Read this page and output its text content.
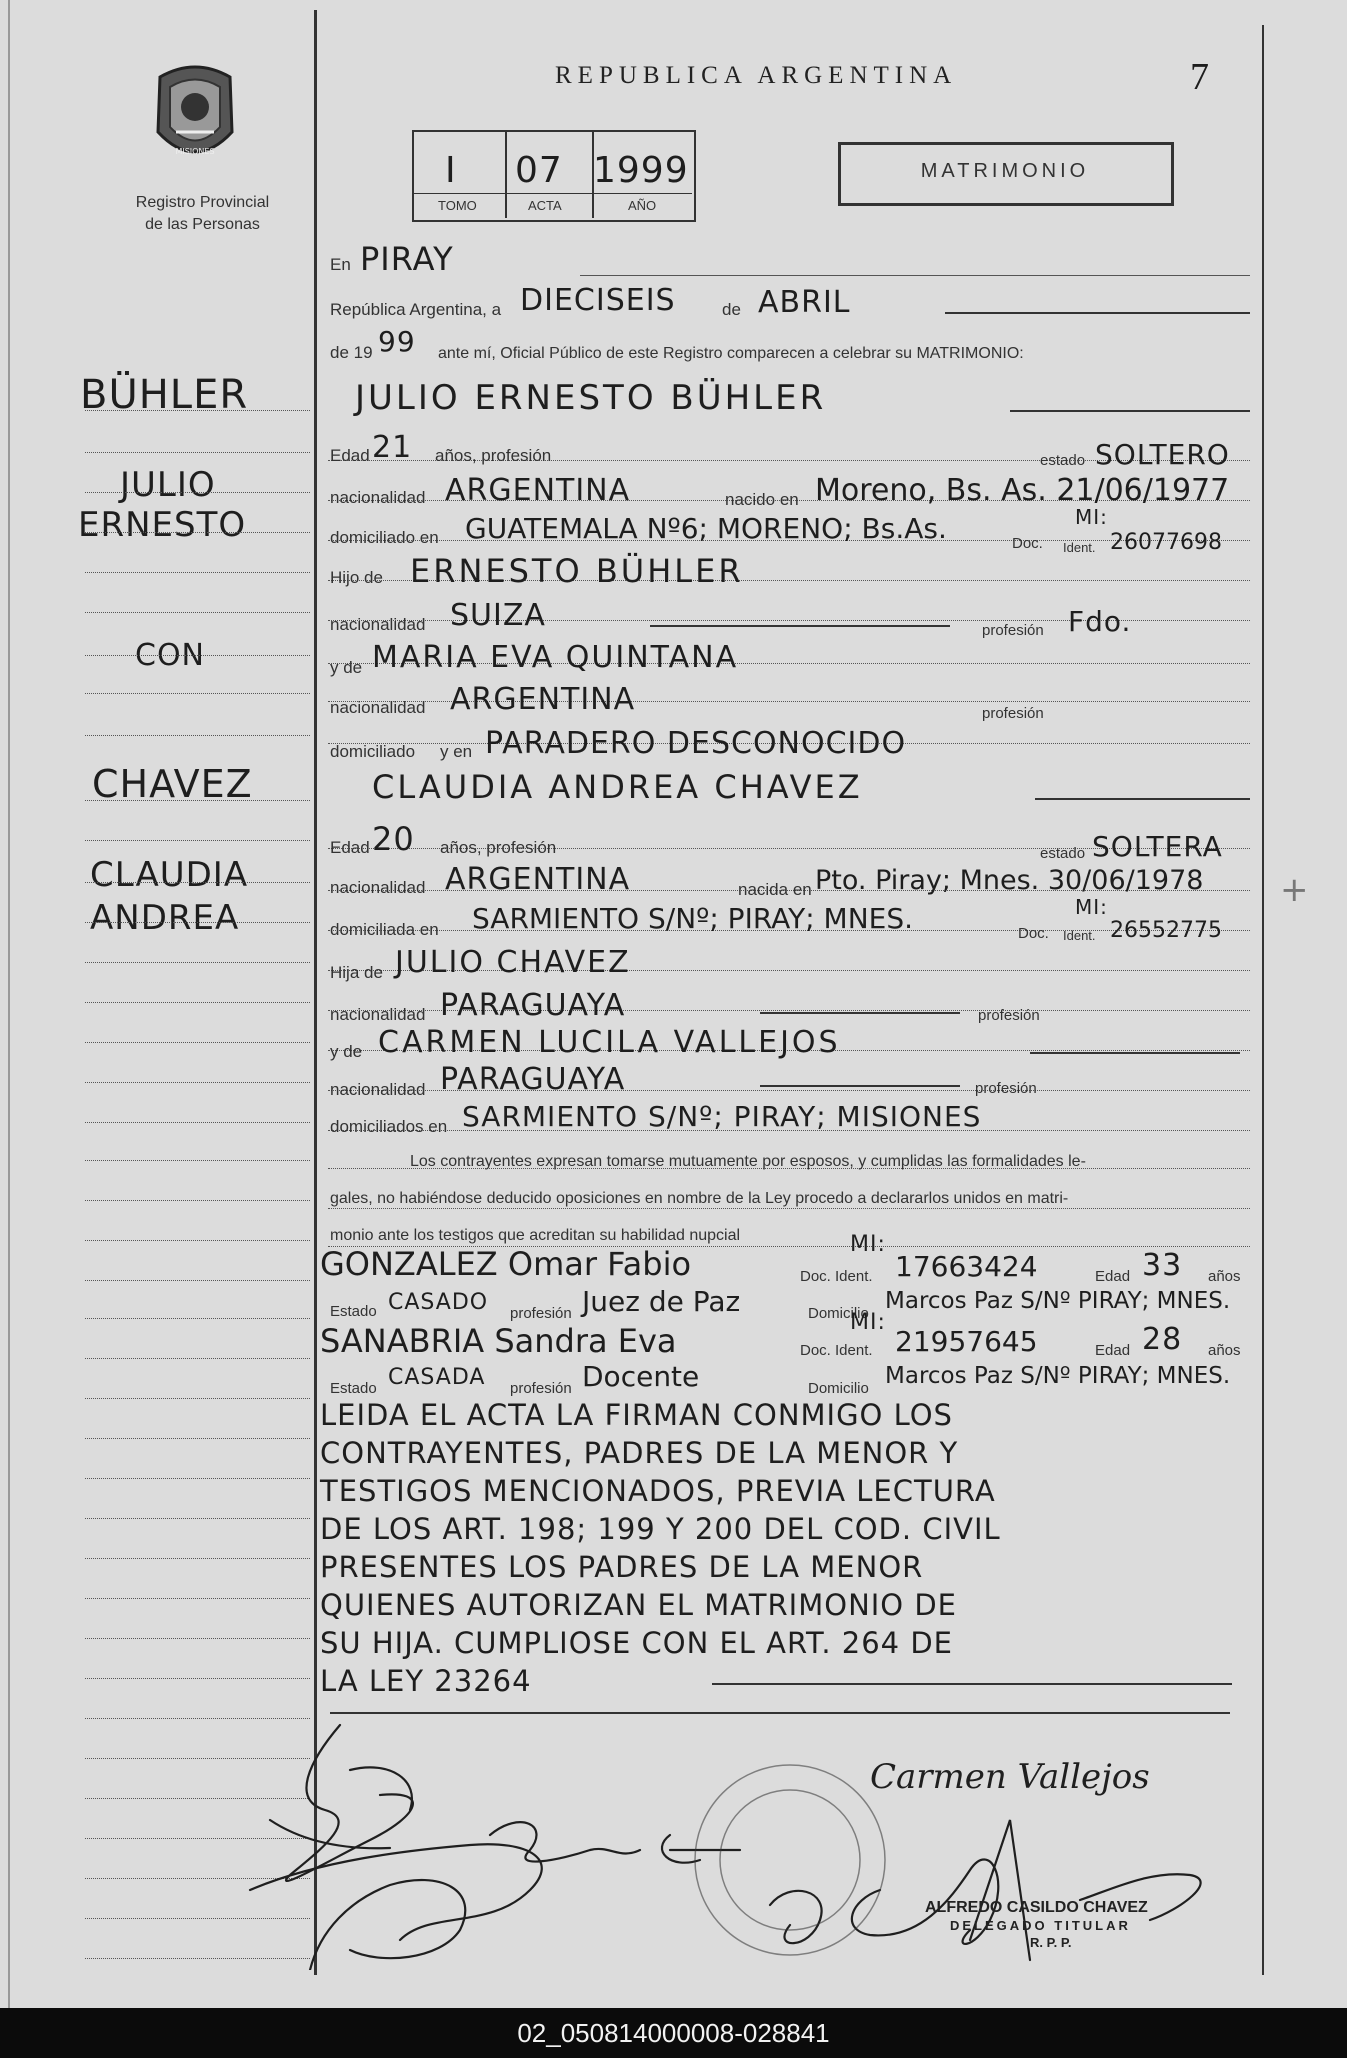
REPUBLICA ARGENTINA	7
MISIONES
Registro Provincial
de las Personas
I 07 1999
TOMO	ACTA	AÑO
MATRIMONIO
BÜHLER
JULIO
ERNESTO
CON
CHAVEZ
CLAUDIA
ANDREA
+
En PIRAY
República Argentina, a DIECISEIS	de ABRIL
de 19 99 ante mí, Oficial Público de este Registro comparecen a celebrar su MATRIMONIO:
JULIO ERNESTO BÜHLER
Edad 21 años, profesión	estado SOLTERO
nacionalidad ARGENTINA	nacido en Moreno, Bs. As. 21/06/1977
domiciliado en GUATEMALA Nº6; MORENO; Bs.As.	Doc. Ident.
MI:
26077698
Hijo de ERNESTO BÜHLER
nacionalidad SUIZA	profesión Fdo.
y de MARIA EVA QUINTANA
nacionalidad ARGENTINA	profesión
domiciliado y en PARADERO DESCONOCIDO
CLAUDIA ANDREA CHAVEZ
Edad 20 años, profesión	estado SOLTERA
nacionalidad ARGENTINA	nacida en Pto. Piray; Mnes. 30/06/1978
domiciliada en SARMIENTO S/Nº; PIRAY; MNES.	Doc. Ident.
MI:
26552775
Hija de JULIO CHAVEZ
nacionalidad PARAGUAYA	profesión
y de CARMEN LUCILA VALLEJOS
nacionalidad PARAGUAYA	profesión
domiciliados en SARMIENTO S/Nº; PIRAY; MISIONES
Los contrayentes expresan tomarse mutuamente por esposos, y cumplidas las formalidades le-
gales, no habiéndose deducido oposiciones en nombre de la Ley procedo a declararlos unidos en matri-
monio ante los testigos que acreditan su habilidad nupcial
GONZALEZ Omar Fabio	Doc. Ident.
MI:
17663424	Edad 33 años
Estado CASADO profesión Juez de Paz	Domicilio Marcos Paz S/Nº PIRAY; MNES.
SANABRIA Sandra Eva	Doc. Ident.
MI:
21957645	Edad 28 años
Estado CASADA profesión Docente	Domicilio Marcos Paz S/Nº PIRAY; MNES.
LEIDA EL ACTA LA FIRMAN CONMIGO LOS
CONTRAYENTES, PADRES DE LA MENOR Y
TESTIGOS MENCIONADOS, PREVIA LECTURA
DE LOS ART. 198; 199 Y 200 DEL COD. CIVIL
PRESENTES LOS PADRES DE LA MENOR
QUIENES AUTORIZAN EL MATRIMONIO DE
SU HIJA. CUMPLIOSE CON EL ART. 264 DE
LA LEY 23264
Carmen Vallejos
ALFREDO CASILDO CHAVEZ
DELEGADO TITULAR
R. P. P.
02_050814000008-028841
